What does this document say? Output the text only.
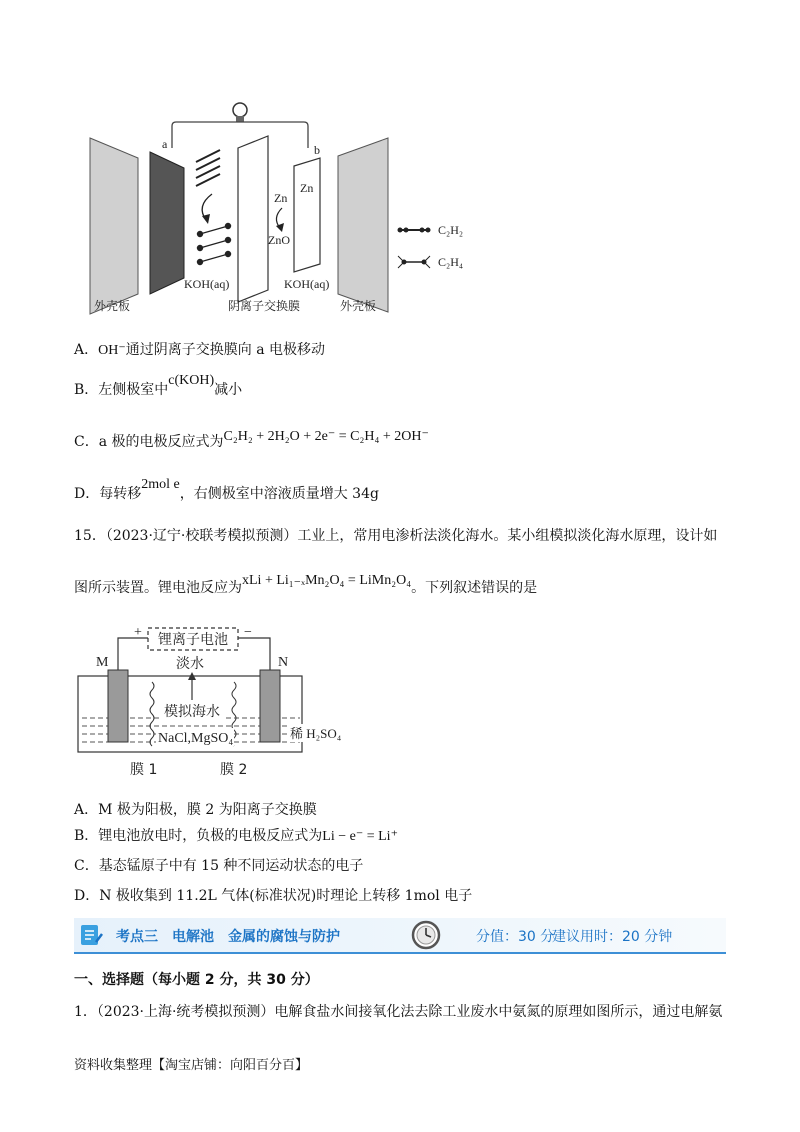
a	b
Zn
Zn
ZnO
KOH(aq)	KOH(aq)
外壳板	阴离子交换膜	外壳板
C₂H₂
C₂H₄
A．OH⁻通过阴离子交换膜向 a 电极移动
B．左侧极室中c(KOH)减小
C．a 极的电极反应式为C₂H₂ + 2H₂O + 2e⁻ = C₂H₄ + 2OH⁻
D．每转移2mol e，右侧极室中溶液质量增大 34g
15．（2023·辽宁·校联考模拟预测）工业上，常用电渗析法淡化海水。某小组模拟淡化海水原理，设计如
图所示装置。锂电池反应为xLi + Li₁₋ₓMn₂O₄ = LiMn₂O₄。下列叙述错误的是
锂离子电池
+	−
M	N
淡水
模拟海水
NaCl,MgSO₄	稀 H₂SO₄
膜 1	膜 2
A．M 极为阳极，膜 2 为阳离子交换膜
B．锂电池放电时，负极的电极反应式为Li − e⁻ = Li⁺
C．基态锰原子中有 15 种不同运动状态的电子
D．N 极收集到 11.2L 气体(标准状况)时理论上转移 1mol 电子
考点三　电解池　金属的腐蚀与防护	分值：30 分
建议用时：20 分钟
一、选择题（每小题 2 分，共 30 分）
1．（2023·上海·统考模拟预测）电解食盐水间接氧化法去除工业废水中氨氮的原理如图所示，通过电解氨
资料收集整理【淘宝店铺：向阳百分百】
